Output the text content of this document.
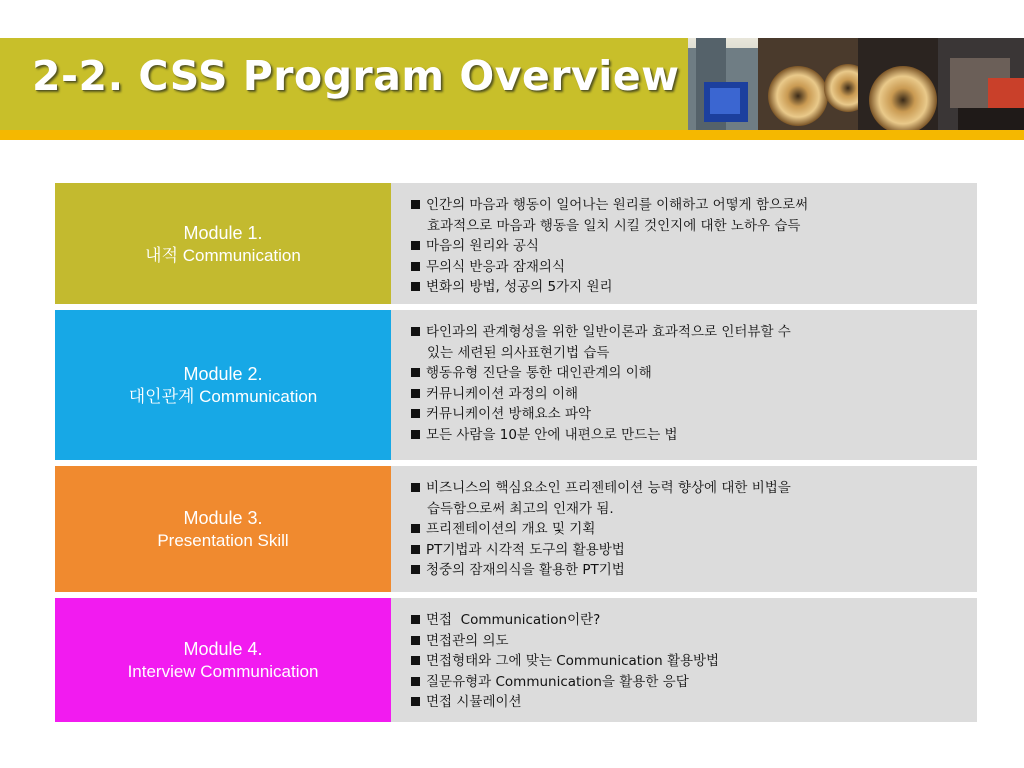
2-2. CSS Program Overview
Module 1.
내적 Communication
인간의 마음과 행동이 일어나는 원리를 이해하고 어떻게 함으로써
효과적으로 마음과 행동을 일치 시킬 것인지에 대한 노하우 습득
마음의 원리와 공식
무의식 반응과 잠재의식
변화의 방법, 성공의 5가지 원리
Module 2.
대인관계 Communication
타인과의 관계형성을 위한 일반이론과 효과적으로 인터뷰할 수
있는 세련된 의사표현기법 습득
행동유형 진단을 통한 대인관계의 이해
커뮤니케이션 과정의 이해
커뮤니케이션 방해요소 파악
모든 사람을 10분 안에 내편으로 만드는 법
Module 3.
Presentation Skill
비즈니스의 핵심요소인 프리젠테이션 능력 향상에 대한 비법을
습득함으로써 최고의 인재가 됨.
프리젠테이션의 개요 및 기획
PT기법과 시각적 도구의 활용방법
청중의 잠재의식을 활용한 PT기법
Module 4.
Interview Communication
면접  Communication이란?
면접관의 의도
면접형태와 그에 맞는 Communication 활용방법
질문유형과 Communication을 활용한 응답
면접 시뮬레이션
